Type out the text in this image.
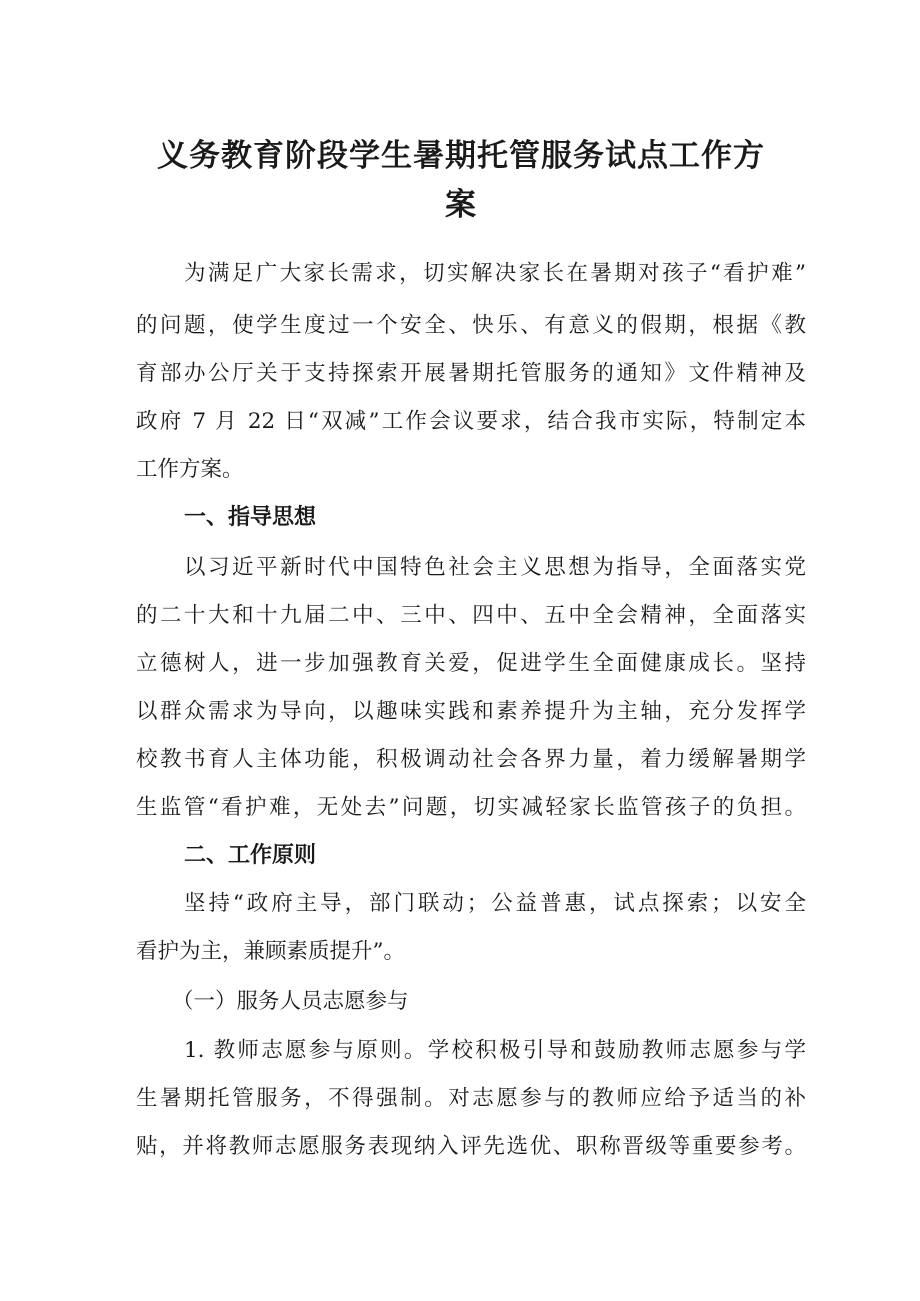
义务教育阶段学生暑期托管服务试点工作方
案

为满足广大家长需求，切实解决家长在暑期对孩子“看护难”

的问题，使学生度过一个安全、快乐、有意义的假期，根据《教

育部办公厅关于支持探索开展暑期托管服务的通知》文件精神及

政府 7 月 22 日“双减”工作会议要求，结合我市实际，特制定本

工作方案。

一、指导思想

以习近平新时代中国特色社会主义思想为指导，全面落实党

的二十大和十九届二中、三中、四中、五中全会精神，全面落实

立德树人，进一步加强教育关爱，促进学生全面健康成长。坚持

以群众需求为导向，以趣味实践和素养提升为主轴，充分发挥学

校教书育人主体功能，积极调动社会各界力量，着力缓解暑期学

生监管“看护难，无处去”问题，切实减轻家长监管孩子的负担。

二、工作原则

坚持“政府主导，部门联动；公益普惠，试点探索；以安全

看护为主，兼顾素质提升”。

（一）服务人员志愿参与

1. 教师志愿参与原则。学校积极引导和鼓励教师志愿参与学

生暑期托管服务，不得强制。对志愿参与的教师应给予适当的补

贴，并将教师志愿服务表现纳入评先选优、职称晋级等重要参考。
